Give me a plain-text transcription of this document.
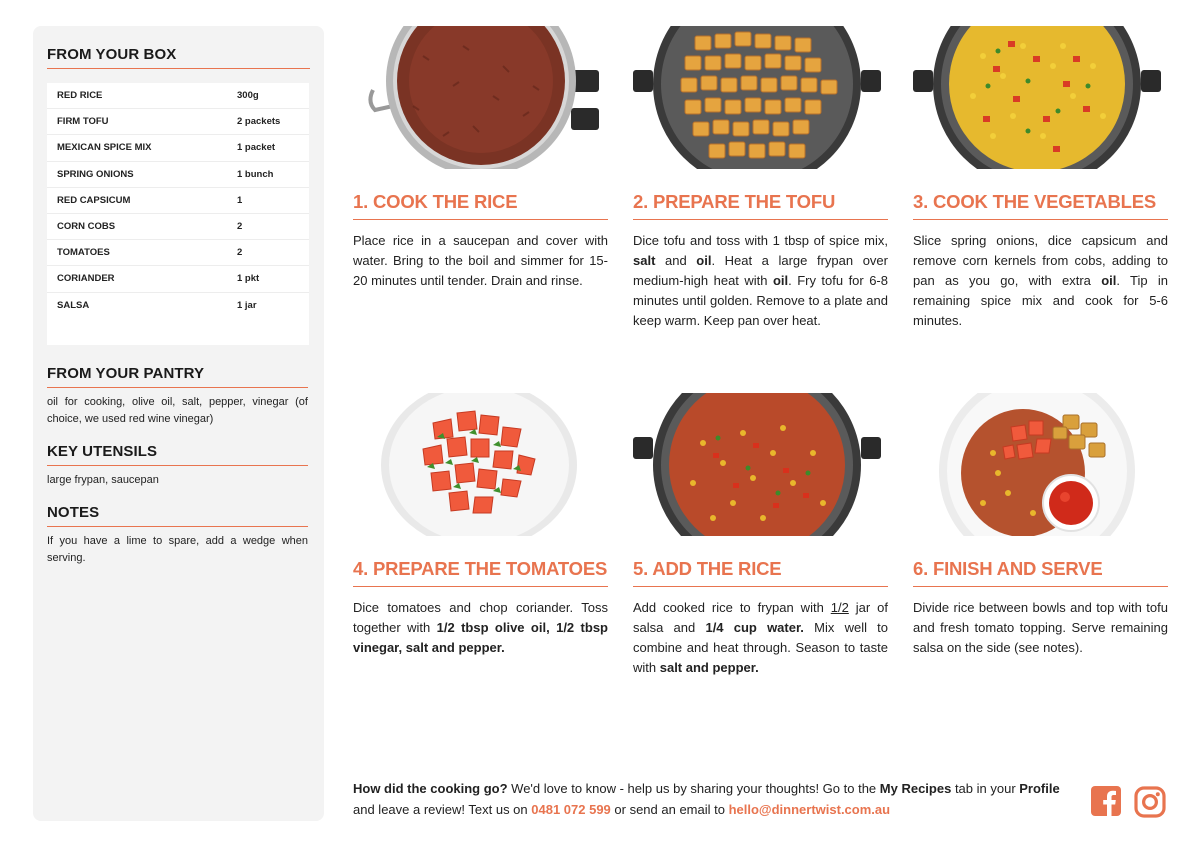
FROM YOUR BOX
RED RICE	300g
FIRM TOFU	2 packets
MEXICAN SPICE MIX	1 packet
SPRING ONIONS	1 bunch
RED CAPSICUM	1
CORN COBS	2
TOMATOES	2
CORIANDER	1 pkt
SALSA	1 jar
FROM YOUR PANTRY

oil for cooking, olive oil, salt, pepper, vinegar (of choice, we used red wine vinegar)

KEY UTENSILS

large frypan, saucepan

NOTES

If you have a lime to spare, add a wedge when serving.

1. COOK THE RICE

Place rice in a saucepan and cover with water. Bring to the boil and simmer for 15-20 minutes until tender. Drain and rinse.

2. PREPARE THE TOFU

Dice tofu and toss with 1 tbsp of spice mix, salt and oil. Heat a large frypan over medium-high heat with oil. Fry tofu for 6-8 minutes until golden. Remove to a plate and keep warm. Keep pan over heat.

3. COOK THE VEGETABLES

Slice spring onions, dice capsicum and remove corn kernels from cobs, adding to pan as you go, with extra oil. Tip in remaining spice mix and cook for 5-6 minutes.

4. PREPARE THE TOMATOES

Dice tomatoes and chop coriander. Toss together with 1/2 tbsp olive oil, 1/2 tbsp vinegar, salt and pepper.

5. ADD THE RICE

Add cooked rice to frypan with 1/2 jar of salsa and 1/4 cup water. Mix well to combine and heat through. Season to taste with salt and pepper.

6. FINISH AND SERVE

Divide rice between bowls and top with tofu and fresh tomato topping. Serve remaining salsa on the side (see notes).

How did the cooking go? We'd love to know - help us by sharing your thoughts! Go to the My Recipes tab in your Profile and leave a review! Text us on 0481 072 599 or send an email to hello@dinnertwist.com.au
